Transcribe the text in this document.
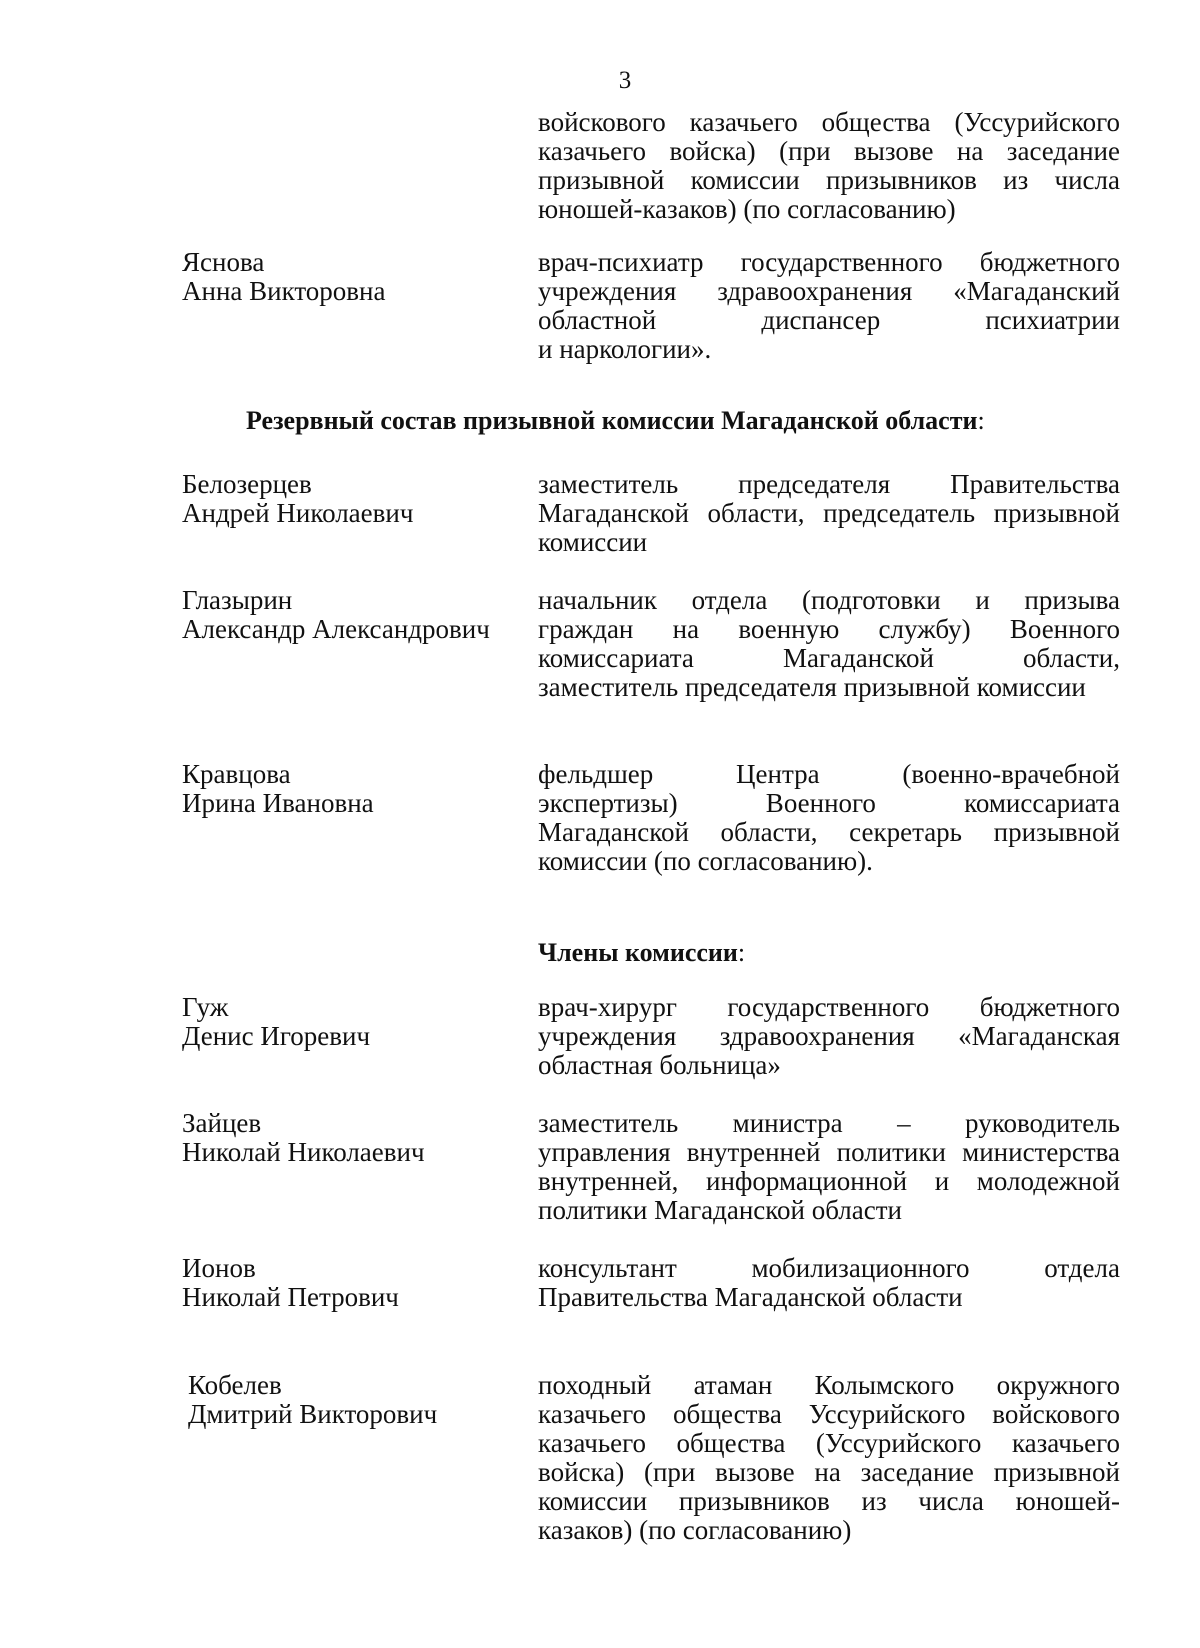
3
войскового казачьего общества (Уссурийского
казачьего войска) (при вызове на заседание
призывной комиссии призывников из числа
юношей-казаков) (по согласованию)
Яснова
Анна Викторовна
врач-психиатр государственного бюджетного
учреждения здравоохранения «Магаданский
областной диспансер психиатрии
и наркологии».
Резервный состав призывной комиссии Магаданской области:
Белозерцев
Андрей Николаевич
заместитель председателя Правительства
Магаданской области, председатель призывной
комиссии
Глазырин
Александр Александрович
начальник отдела (подготовки и призыва
граждан на военную службу) Военного
комиссариата Магаданской области,
заместитель председателя призывной комиссии
Кравцова
Ирина Ивановна
фельдшер Центра (военно-врачебной
экспертизы) Военного комиссариата
Магаданской области, секретарь призывной
комиссии (по согласованию).
Члены комиссии:
Гуж
Денис Игоревич
врач-хирург государственного бюджетного
учреждения здравоохранения «Магаданская
областная больница»
Зайцев
Николай Николаевич
заместитель министра – руководитель
управления внутренней политики министерства
внутренней, информационной и молодежной
политики Магаданской области
Ионов
Николай Петрович
консультант мобилизационного отдела
Правительства Магаданской области
Кобелев
Дмитрий Викторович
походный атаман Колымского окружного
казачьего общества Уссурийского войскового
казачьего общества (Уссурийского казачьего
войска) (при вызове на заседание призывной
комиссии призывников из числа юношей-
казаков) (по согласованию)
